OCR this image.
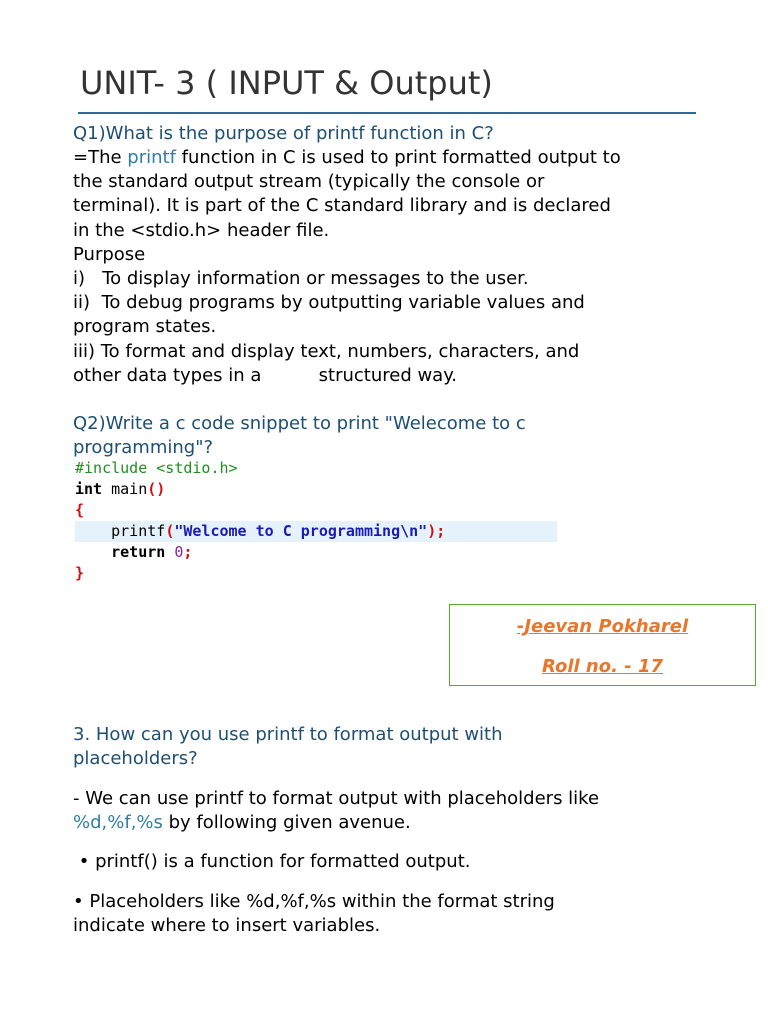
UNIT- 3 ( INPUT & Output)
Q1)What is the purpose of printf function in C?

=The printf function in C is used to print formatted output to
the standard output stream (typically the console or
terminal). It is part of the C standard library and is declared
in the <stdio.h> header file.

Purpose

i)   To display information or messages to the user.

ii)  To debug programs by outputting variable values and
program states.

iii) To format and display text, numbers, characters, and
other data types in a          structured way.

Q2)Write a c code snippet to print "Welecome to c
programming"?
#include <stdio.h>
int main()
{
printf("Welcome to C programming\n");
return 0;
}
-Jeevan Pokharel
Roll no. - 17
3. How can you use printf to format output with
placeholders?

- We can use printf to format output with placeholders like
%d,%f,%s by following given avenue.

• printf() is a function for formatted output.

• Placeholders like %d,%f,%s within the format string
indicate where to insert variables.
